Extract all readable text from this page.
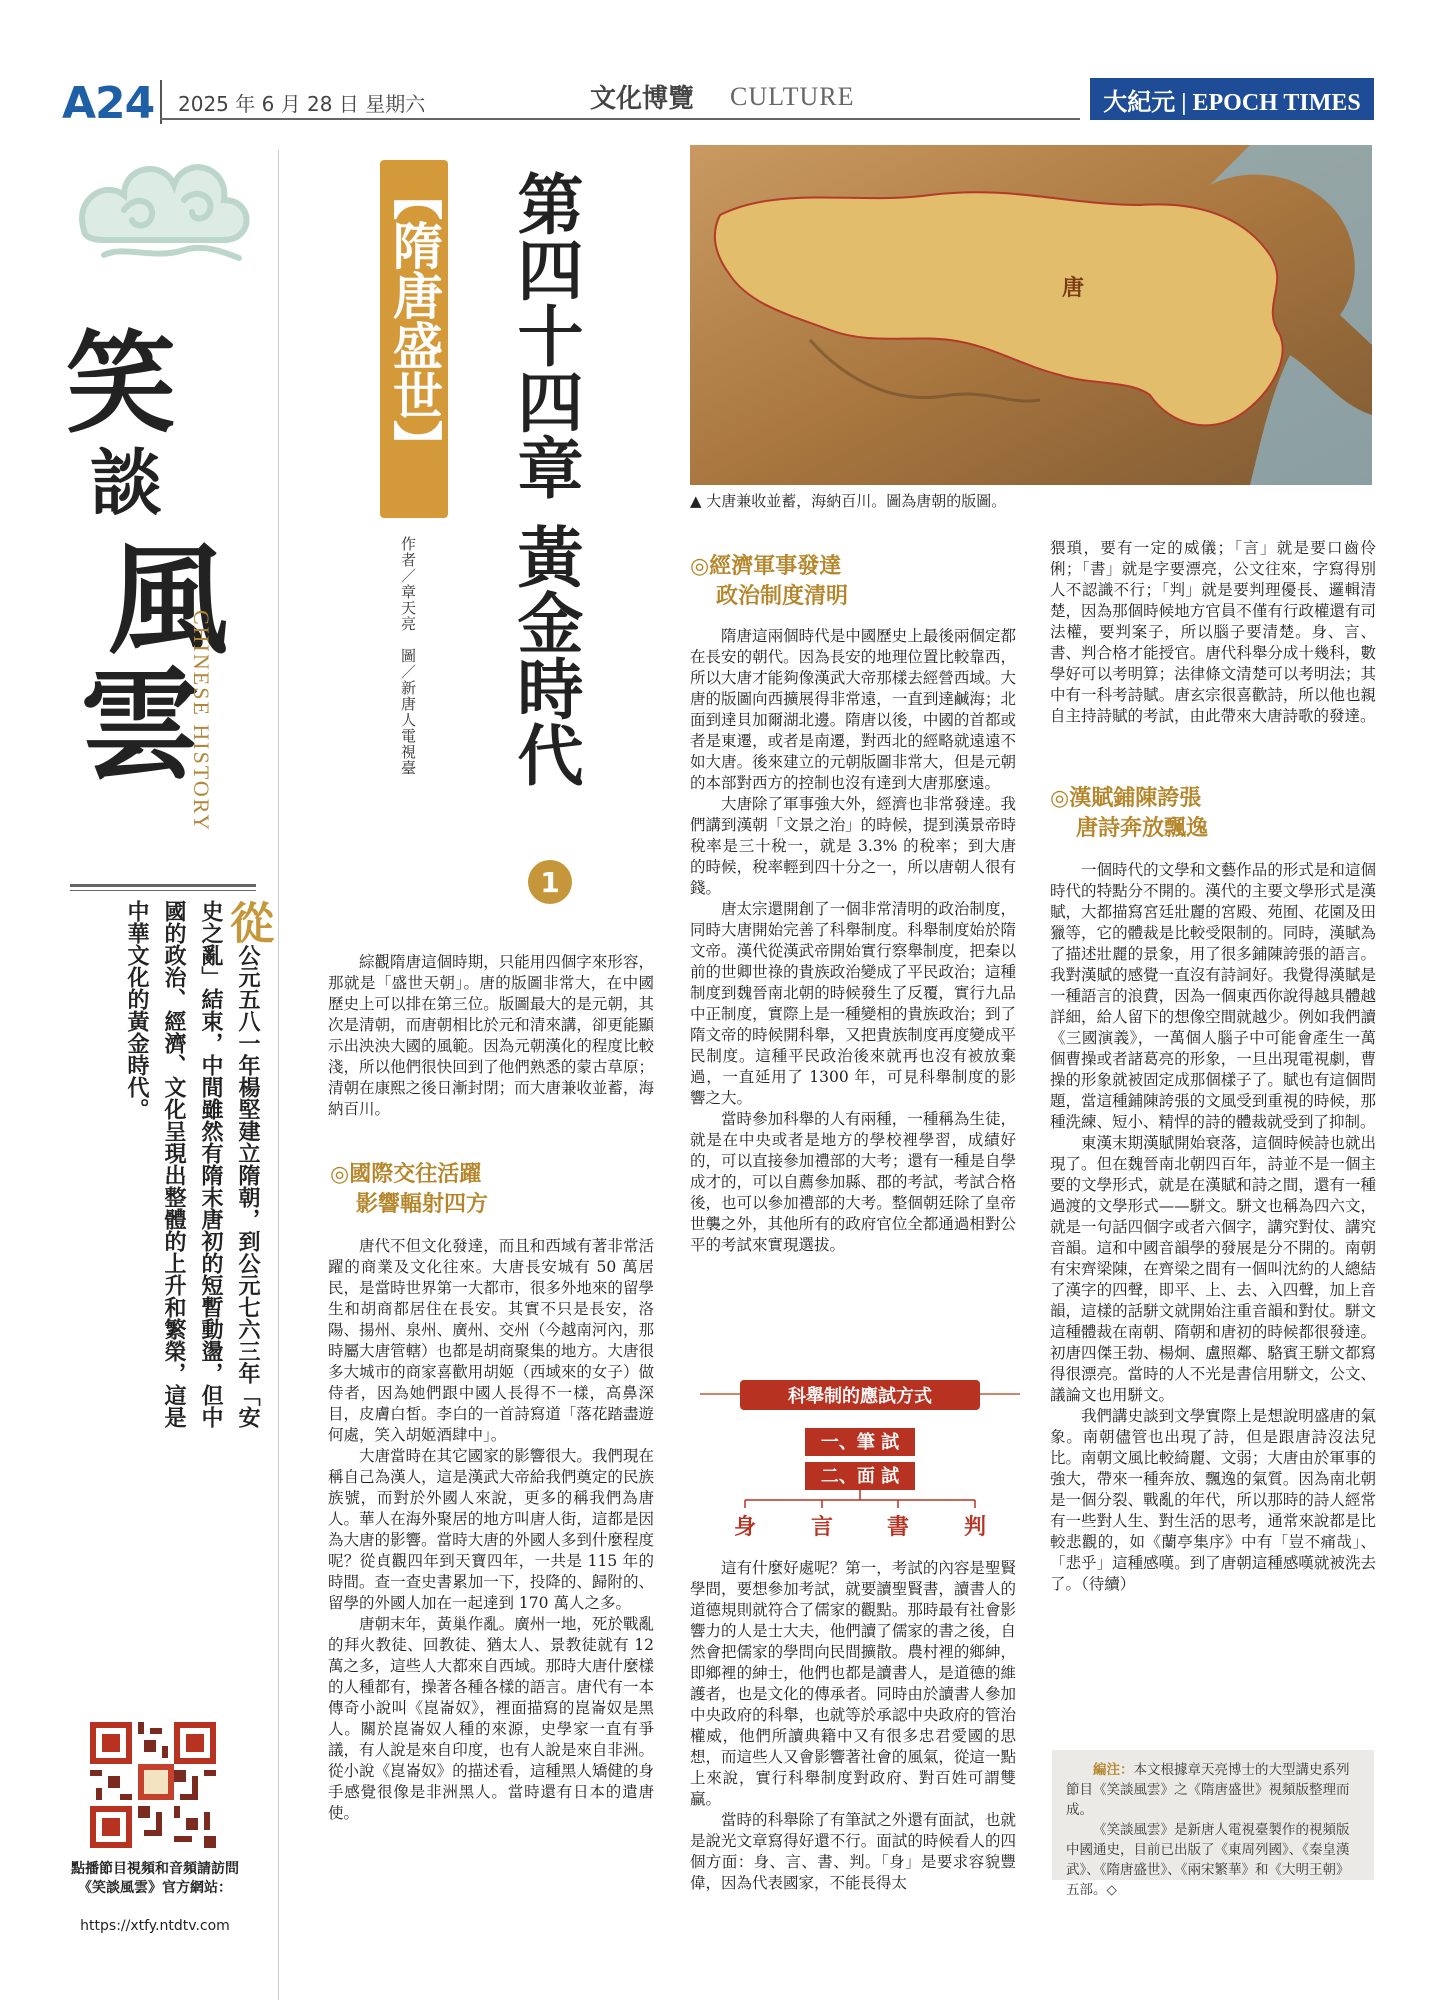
A24 2025 年 6 月 28 日 星期六	文化博覽 CULTURE	大紀元 | EPOCH TIMES
笑
談
風
雲
CHINESE HISTORY
從公元五八一年楊堅建立隋朝，到公元七六三年「安史之亂」結束，中間雖然有隋末唐初的短暫動盪，但中國的政治、經濟、文化呈現出整體的上升和繁榮，這是中華文化的黃金時代。
點播節目視頻和音頻請訪問《笑談風雲》官方網站：
https://xtfy.ntdtv.com
【隋唐盛世】 第四十四章 黃金時代
1
作者／章天亮　圖／新唐人電視臺
唐
▲ 大唐兼收並蓄，海納百川。圖為唐朝的版圖。

綜觀隋唐這個時期，只能用四個字來形容，那就是「盛世天朝」。唐的版圖非常大，在中國歷史上可以排在第三位。版圖最大的是元朝，其次是清朝，而唐朝相比於元和清來講，卻更能顯示出泱泱大國的風範。因為元朝漢化的程度比較淺，所以他們很快回到了他們熟悉的蒙古草原；清朝在康熙之後日漸封閉；而大唐兼收並蓄，海納百川。

◎國際交往活躍
影響輻射四方

唐代不但文化發達，而且和西域有著非常活躍的商業及文化往來。大唐長安城有 50 萬居民，是當時世界第一大都市，很多外地來的留學生和胡商都居住在長安。其實不只是長安，洛陽、揚州、泉州、廣州、交州（今越南河內，那時屬大唐管轄）也都是胡商聚集的地方。大唐很多大城市的商家喜歡用胡姬（西域來的女子）做侍者，因為她們跟中國人長得不一樣，高鼻深目，皮膚白皙。李白的一首詩寫道「落花踏盡遊何處，笑入胡姬酒肆中」。

大唐當時在其它國家的影響很大。我們現在稱自己為漢人，這是漢武大帝給我們奠定的民族族號，而對於外國人來說，更多的稱我們為唐人。華人在海外聚居的地方叫唐人街，這都是因為大唐的影響。當時大唐的外國人多到什麼程度呢？從貞觀四年到天寶四年，一共是 115 年的時間。查一查史書累加一下，投降的、歸附的、留學的外國人加在一起達到 170 萬人之多。

唐朝末年，黃巢作亂。廣州一地，死於戰亂的拜火教徒、回教徒、猶太人、景教徒就有 12 萬之多，這些人大都來自西域。那時大唐什麼樣的人種都有，操著各種各樣的語言。唐代有一本傳奇小說叫《崑崙奴》，裡面描寫的崑崙奴是黑人。關於崑崙奴人種的來源，史學家一直有爭議，有人說是來自印度，也有人說是來自非洲。從小說《崑崙奴》的描述看，這種黑人矯健的身手感覺很像是非洲黑人。當時還有日本的遣唐使。

◎經濟軍事發達
政治制度清明

隋唐這兩個時代是中國歷史上最後兩個定都在長安的朝代。因為長安的地理位置比較靠西，所以大唐才能夠像漢武大帝那樣去經營西域。大唐的版圖向西擴展得非常遠，一直到達鹹海；北面到達貝加爾湖北邊。隋唐以後，中國的首都或者是東遷，或者是南遷，對西北的經略就遠遠不如大唐。後來建立的元朝版圖非常大，但是元朝的本部對西方的控制也沒有達到大唐那麼遠。

大唐除了軍事強大外，經濟也非常發達。我們講到漢朝「文景之治」的時候，提到漢景帝時稅率是三十稅一，就是 3.3% 的稅率；到大唐的時候，稅率輕到四十分之一，所以唐朝人很有錢。

唐太宗還開創了一個非常清明的政治制度，同時大唐開始完善了科舉制度。科舉制度始於隋文帝。漢代從漢武帝開始實行察舉制度，把秦以前的世卿世祿的貴族政治變成了平民政治；這種制度到魏晉南北朝的時候發生了反覆，實行九品中正制度，實際上是一種變相的貴族政治；到了隋文帝的時候開科舉，又把貴族制度再度變成平民制度。這種平民政治後來就再也沒有被放棄過，一直延用了 1300 年，可見科舉制度的影響之大。

當時參加科舉的人有兩種，一種稱為生徒，就是在中央或者是地方的學校裡學習，成績好的，可以直接參加禮部的大考；還有一種是自學成才的，可以自薦參加縣、郡的考試，考試合格後，也可以參加禮部的大考。整個朝廷除了皇帝世襲之外，其他所有的政府官位全都通過相對公平的考試來實現選拔。

科舉制的應試方式
一、筆 試
二、面 試
身 言 書 判

這有什麼好處呢？第一，考試的內容是聖賢學問，要想參加考試，就要讀聖賢書，讀書人的道德規則就符合了儒家的觀點。那時最有社會影響力的人是士大夫，他們讀了儒家的書之後，自然會把儒家的學問向民間擴散。農村裡的鄉紳，即鄉裡的紳士，他們也都是讀書人，是道德的維護者，也是文化的傳承者。同時由於讀書人參加中央政府的科舉，也就等於承認中央政府的管治權威，他們所讀典籍中又有很多忠君愛國的思想，而這些人又會影響著社會的風氣，從這一點上來說，實行科舉制度對政府、對百姓可謂雙贏。

當時的科舉除了有筆試之外還有面試，也就是說光文章寫得好還不行。面試的時候看人的四個方面：身、言、書、判。「身」是要求容貌豐偉，因為代表國家，不能長得太

猥瑣，要有一定的威儀；「言」就是要口齒伶俐；「書」就是字要漂亮，公文往來，字寫得別人不認識不行；「判」就是要判理優長、邏輯清楚，因為那個時候地方官員不僅有行政權還有司法權，要判案子，所以腦子要清楚。身、言、書、判合格才能授官。唐代科舉分成十幾科，數學好可以考明算；法律條文清楚可以考明法；其中有一科考詩賦。唐玄宗很喜歡詩，所以他也親自主持詩賦的考試，由此帶來大唐詩歌的發達。

◎漢賦鋪陳誇張
唐詩奔放飄逸

一個時代的文學和文藝作品的形式是和這個時代的特點分不開的。漢代的主要文學形式是漢賦，大都描寫宮廷壯麗的宮殿、苑囿、花園及田獵等，它的體裁是比較受限制的。同時，漢賦為了描述壯麗的景象，用了很多鋪陳誇張的語言。我對漢賦的感覺一直沒有詩詞好。我覺得漢賦是一種語言的浪費，因為一個東西你說得越具體越詳細，給人留下的想像空間就越少。例如我們讀《三國演義》，一萬個人腦子中可能會產生一萬個曹操或者諸葛亮的形象，一旦出現電視劇，曹操的形象就被固定成那個樣子了。賦也有這個問題，當這種鋪陳誇張的文風受到重視的時候，那種洗練、短小、精悍的詩的體裁就受到了抑制。

東漢末期漢賦開始衰落，這個時候詩也就出現了。但在魏晉南北朝四百年，詩並不是一個主要的文學形式，就是在漢賦和詩之間，還有一種過渡的文學形式——駢文。駢文也稱為四六文，就是一句話四個字或者六個字，講究對仗、講究音韻。這和中國音韻學的發展是分不開的。南朝有宋齊梁陳，在齊梁之間有一個叫沈約的人總結了漢字的四聲，即平、上、去、入四聲，加上音韻，這樣的話駢文就開始注重音韻和對仗。駢文這種體裁在南朝、隋朝和唐初的時候都很發達。初唐四傑王勃、楊炯、盧照鄰、駱賓王駢文都寫得很漂亮。當時的人不光是書信用駢文，公文、議論文也用駢文。

我們講史談到文學實際上是想說明盛唐的氣象。南朝儘管也出現了詩，但是跟唐詩沒法兒比。南朝文風比較綺麗、文弱；大唐由於軍事的強大，帶來一種奔放、飄逸的氣質。因為南北朝是一個分裂、戰亂的年代，所以那時的詩人經常有一些對人生、對生活的思考，通常來說都是比較悲觀的，如《蘭亭集序》中有「豈不痛哉」、「悲乎」這種感嘆。到了唐朝這種感嘆就被洗去了。（待續）

編注：本文根據章天亮博士的大型講史系列節目《笑談風雲》之《隋唐盛世》視頻版整理而成。

《笑談風雲》是新唐人電視臺製作的視頻版中國通史，目前已出版了《東周列國》、《秦皇漢武》、《隋唐盛世》、《兩宋繁華》和《大明王朝》五部。◇
